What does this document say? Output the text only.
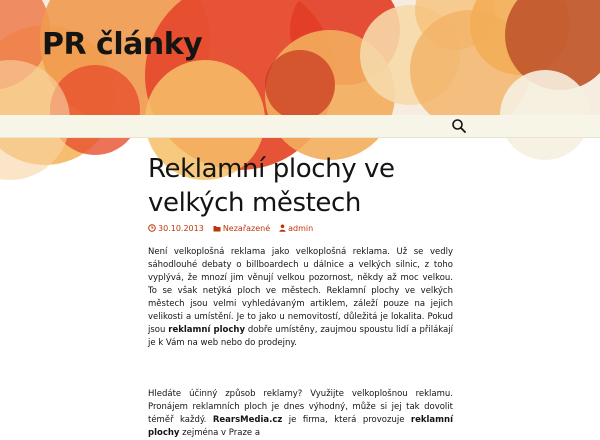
PR články
Reklamní plochy ve velkých městech
30.10.2013 Nezařazené admin

Není velkoplošná reklama jako velkoplošná reklama. Už se vedly sáhodlouhé debaty o billboardech u dálnice a velkých silnic, z toho vyplývá, že mnozí jim věnují velkou pozornost, někdy až moc velkou. To se však netýká ploch ve městech. Reklamní plochy ve velkých městech jsou velmi vyhledávaným artiklem, záleží pouze na jejich velikosti a umístění. Je to jako u nemovitostí, důležitá je lokalita. Pokud jsou reklamní plochy dobře umístěny, zaujmou spoustu lidí a přilákají je k Vám na web nebo do prodejny.

Hledáte účinný způsob reklamy? Využijte velkoplošnou reklamu. Pronájem reklamních ploch je dnes výhodný, může si jej tak dovolit téměř každý. RearsMedia.cz je firma, která provozuje reklamní plochy zejména v Praze a
